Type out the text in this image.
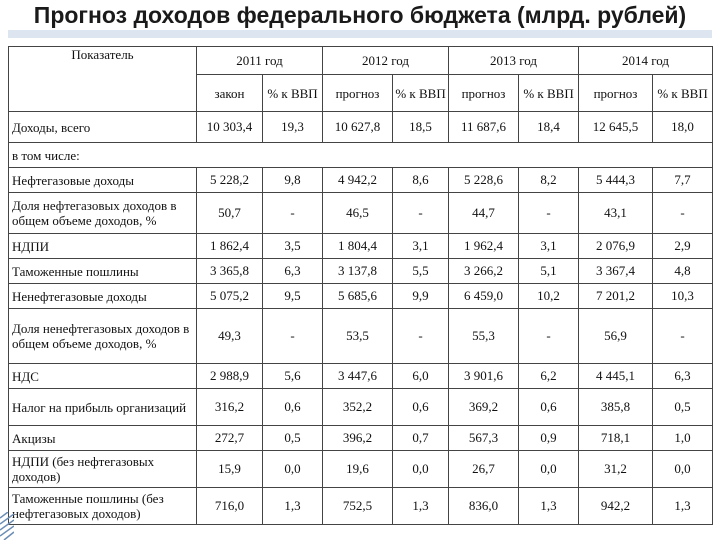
Прогноз доходов федерального бюджета (млрд. рублей)
Показатель	2011 год		2012 год		2013 год		2014 год	
	закон	% к ВВП	прогноз	% к ВВП	прогноз	% к ВВП	прогноз	% к ВВП
Доходы, всего	10 303,4	19,3	10 627,8	18,5	11 687,6	18,4	12 645,5	18,0
в том числе:								
Нефтегазовые доходы	5 228,2	9,8	4 942,2	8,6	5 228,6	8,2	5 444,3	7,7
Доля нефтегазовых доходов в общем объеме доходов, %	50,7	-	46,5	-	44,7	-	43,1	-
НДПИ	1 862,4	3,5	1 804,4	3,1	1 962,4	3,1	2 076,9	2,9
Таможенные пошлины	3 365,8	6,3	3 137,8	5,5	3 266,2	5,1	3 367,4	4,8
Ненефтегазовые доходы	5 075,2	9,5	5 685,6	9,9	6 459,0	10,2	7 201,2	10,3
Доля ненефтегазовых доходов в общем объеме доходов, %	49,3	-	53,5	-	55,3	-	56,9	-
НДС	2 988,9	5,6	3 447,6	6,0	3 901,6	6,2	4 445,1	6,3
Налог на прибыль организаций	316,2	0,6	352,2	0,6	369,2	0,6	385,8	0,5
Акцизы	272,7	0,5	396,2	0,7	567,3	0,9	718,1	1,0
НДПИ (без нефтегазовых доходов)	15,9	0,0	19,6	0,0	26,7	0,0	31,2	0,0
Таможенные пошлины (без нефтегазовых доходов)	716,0	1,3	752,5	1,3	836,0	1,3	942,2	1,3
